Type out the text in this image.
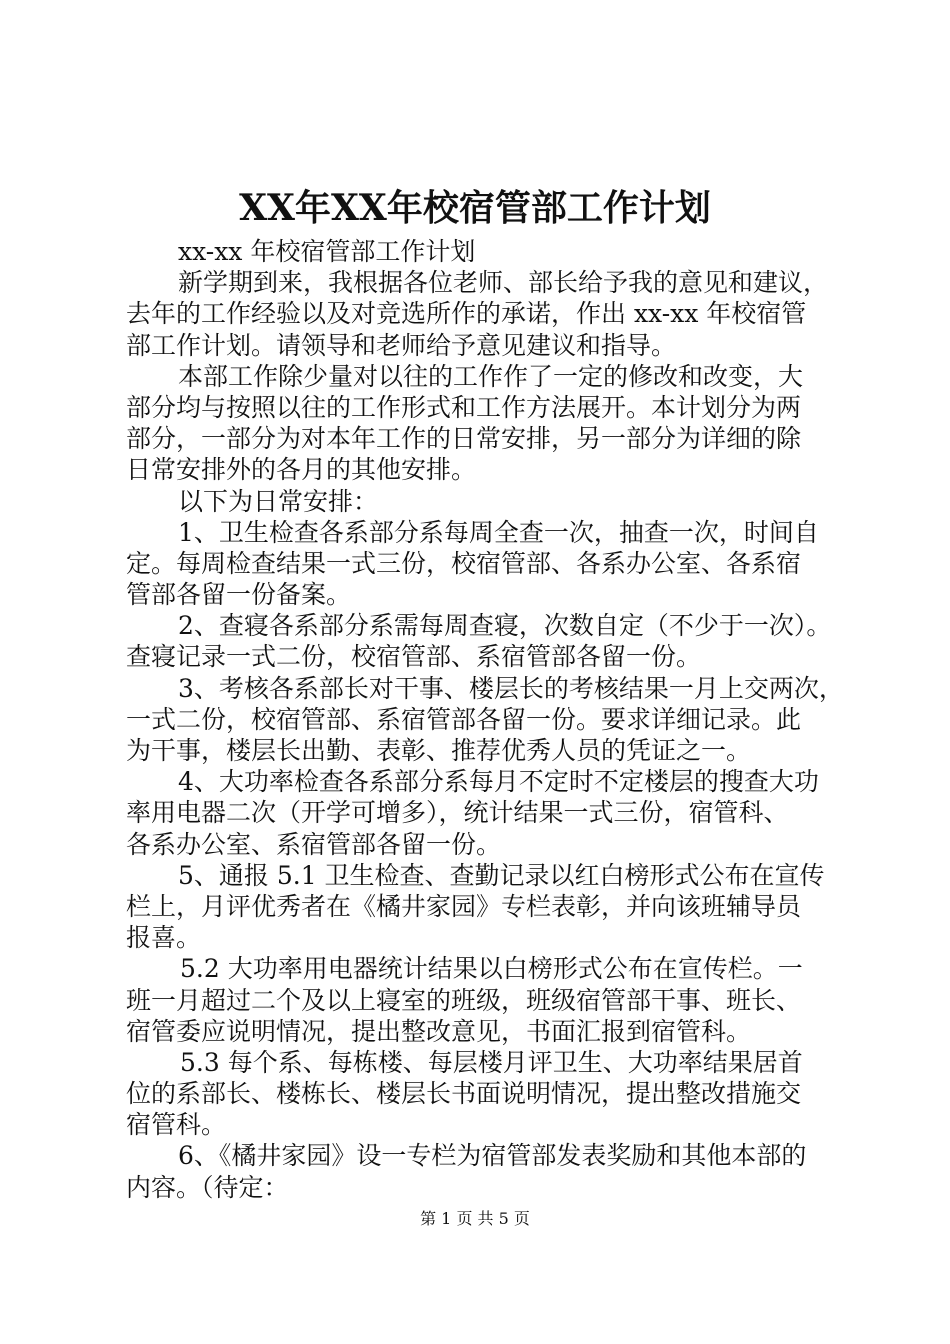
XX年XX年校宿管部工作计划
xx-xx 年校宿管部工作计划
新学期到来，我根据各位老师、部长给予我的意见和建议，
去年的工作经验以及对竞选所作的承诺，作出 xx-xx 年校宿管
部工作计划。请领导和老师给予意见建议和指导。
本部工作除少量对以往的工作作了一定的修改和改变，大
部分均与按照以往的工作形式和工作方法展开。本计划分为两
部分，一部分为对本年工作的日常安排，另一部分为详细的除
日常安排外的各月的其他安排。
以下为日常安排：
1、卫生检查各系部分系每周全查一次，抽查一次，时间自
定。每周检查结果一式三份，校宿管部、各系办公室、各系宿
管部各留一份备案。
2、查寝各系部分系需每周查寝，次数自定（不少于一次）。
查寝记录一式二份，校宿管部、系宿管部各留一份。
3、考核各系部长对干事、楼层长的考核结果一月上交两次，
一式二份，校宿管部、系宿管部各留一份。要求详细记录。此
为干事，楼层长出勤、表彰、推荐优秀人员的凭证之一。
4、大功率检查各系部分系每月不定时不定楼层的搜查大功
率用电器二次（开学可增多），统计结果一式三份，宿管科、
各系办公室、系宿管部各留一份。
5、通报 5.1 卫生检查、查勤记录以红白榜形式公布在宣传
栏上，月评优秀者在《橘井家园》专栏表彰，并向该班辅导员
报喜。
5.2 大功率用电器统计结果以白榜形式公布在宣传栏。一
班一月超过二个及以上寝室的班级，班级宿管部干事、班长、
宿管委应说明情况，提出整改意见，书面汇报到宿管科。
5.3 每个系、每栋楼、每层楼月评卫生、大功率结果居首
位的系部长、楼栋长、楼层长书面说明情况，提出整改措施交
宿管科。
6、《橘井家园》设一专栏为宿管部发表奖励和其他本部的
内容。（待定：
第 1 页 共 5 页
